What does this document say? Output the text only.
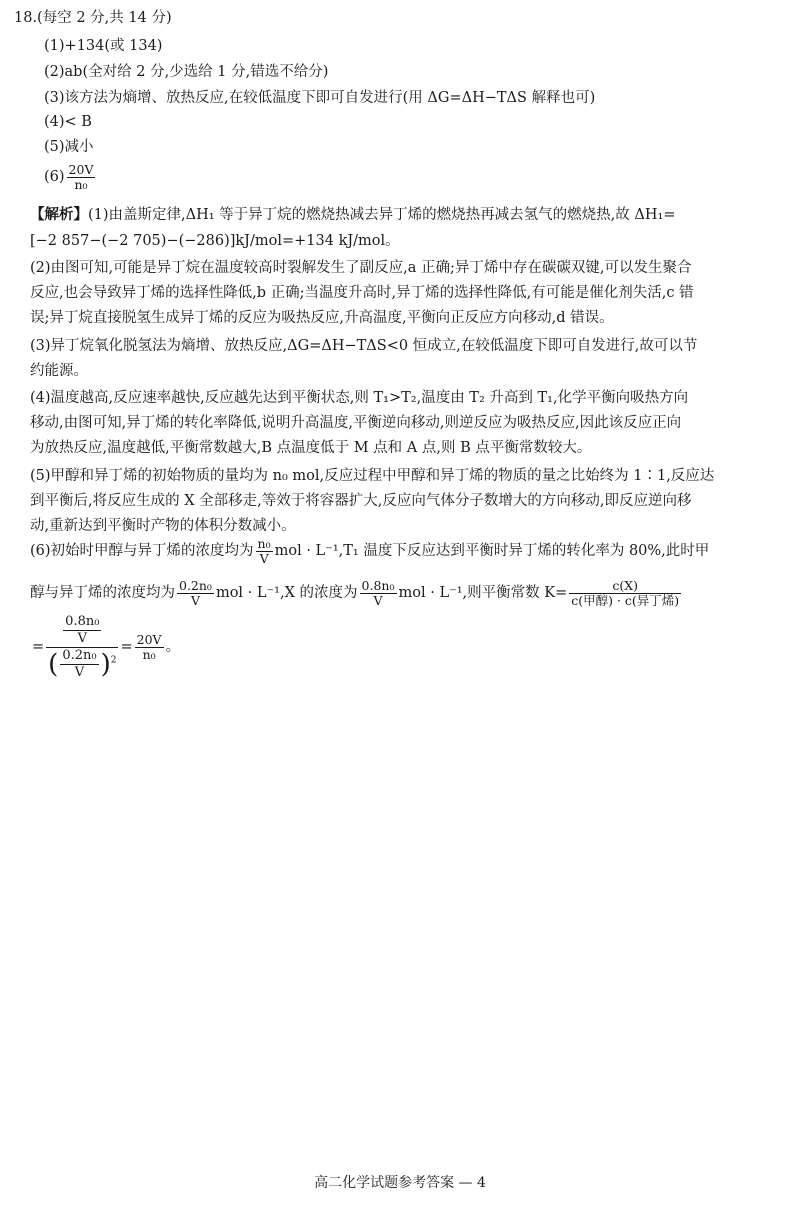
18.(每空 2 分,共 14 分)
(1)+134(或 134)
(2)ab(全对给 2 分,少选给 1 分,错选不给分)
(3)该方法为熵增、放热反应,在较低温度下即可自发进行(用 ΔG=ΔH−TΔS 解释也可)
(4)< B
(5)减小
$(6) \frac{20V}{\text{n₀}}$
【解析】(1)由盖斯定律,ΔH₁ 等于异丁烷的燃烧热减去异丁烯的燃烧热再减去氢气的燃烧热,故 ΔH₁=
[−2 857−(−2 705)−(−286)]kJ/mol=+134 kJ/mol。
(2)由图可知,可能是异丁烷在温度较高时裂解发生了副反应,a 正确;异丁烯中存在碳碳双键,可以发生聚合
反应,也会导致异丁烯的选择性降低,b 正确;当温度升高时,异丁烯的选择性降低,有可能是催化剂失活,c 错
误;异丁烷直接脱氢生成异丁烯的反应为吸热反应,升高温度,平衡向正反应方向移动,d 错误。
(3)异丁烷氧化脱氢法为熵增、放热反应,ΔG=ΔH−TΔS<0 恒成立,在较低温度下即可自发进行,故可以节
约能源。
(4)温度越高,反应速率越快,反应越先达到平衡状态,则 T₁>T₂,温度由 T₂ 升高到 T₁,化学平衡向吸热方向
移动,由图可知,异丁烯的转化率降低,说明升高温度,平衡逆向移动,则逆反应为吸热反应,因此该反应正向
为放热反应,温度越低,平衡常数越大,B 点温度低于 M 点和 A 点,则 B 点平衡常数较大。
(5)甲醇和异丁烯的初始物质的量均为 n₀ mol,反应过程中甲醇和异丁烯的物质的量之比始终为 1∶1,反应达
到平衡后,将反应生成的 X 全部移走,等效于将容器扩大,反应向气体分子数增大的方向移动,即反应逆向移
动,重新达到平衡时产物的体积分数减小。
(6)初始时甲醇与异丁烯的浓度均为 $\frac{\text{n₀}}{V}$ mol · L⁻¹,T₁ 温度下反应达到平衡时异丁烯的转化率为 80%,此时甲
醇与异丁烯的浓度均为 $\frac{\text{0.2n₀}}{V}$ mol · L⁻¹,X 的浓度为 $\frac{\text{0.8n₀}}{V}$ mol · L⁻¹,则平衡常数 $K= \frac{c(X)}{\text{c(甲醇) · c(异丁烯)}}$
= $\frac{\frac{\text{0.8n₀}}{V}}{( \frac{\text{0.2n₀}}{V} )^2} = \frac{20V}{\text{n₀}}$ 。
高二化学试题参考答案 — 4
